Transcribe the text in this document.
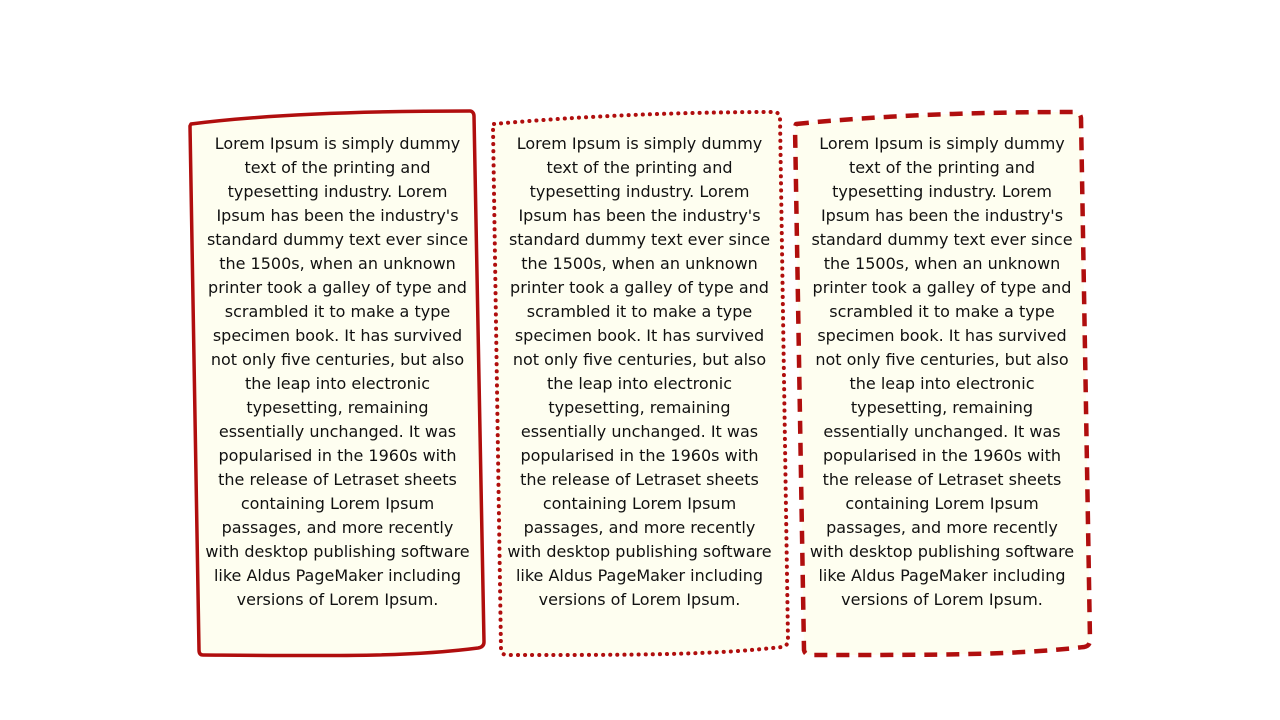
Lorem Ipsum is simply dummy text of the printing and typesetting industry. Lorem Ipsum has been the industry's standard dummy text ever since the 1500s, when an unknown printer took a galley of type and scrambled it to make a type specimen book. It has survived not only five centuries, but also the leap into electronic typesetting, remaining essentially unchanged. It was popularised in the 1960s with the release of Letraset sheets containing Lorem Ipsum passages, and more recently with desktop publishing software like Aldus PageMaker including versions of Lorem Ipsum.

Lorem Ipsum is simply dummy text of the printing and typesetting industry. Lorem Ipsum has been the industry's standard dummy text ever since the 1500s, when an unknown printer took a galley of type and scrambled it to make a type specimen book. It has survived not only five centuries, but also the leap into electronic typesetting, remaining essentially unchanged. It was popularised in the 1960s with the release of Letraset sheets containing Lorem Ipsum passages, and more recently with desktop publishing software like Aldus PageMaker including versions of Lorem Ipsum.

Lorem Ipsum is simply dummy text of the printing and typesetting industry. Lorem Ipsum has been the industry's standard dummy text ever since the 1500s, when an unknown printer took a galley of type and scrambled it to make a type specimen book. It has survived not only five centuries, but also the leap into electronic typesetting, remaining essentially unchanged. It was popularised in the 1960s with the release of Letraset sheets containing Lorem Ipsum passages, and more recently with desktop publishing software like Aldus PageMaker including versions of Lorem Ipsum.
